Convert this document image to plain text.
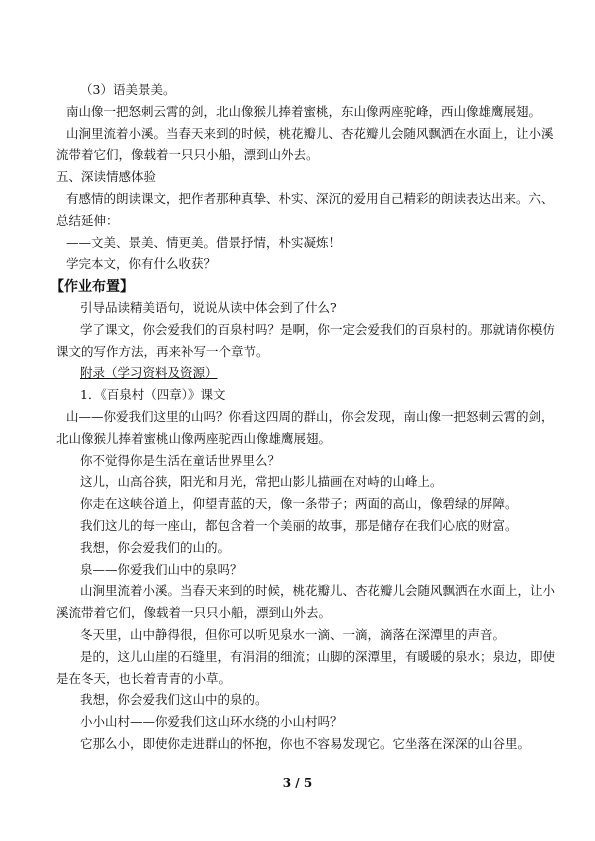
（3）语美景美。
南山像一把怒刺云霄的剑，北山像猴儿捧着蜜桃，东山像两座驼峰，西山像雄鹰展翅。
山涧里流着小溪。当春天来到的时候，桃花瓣儿、杏花瓣儿会随风飘洒在水面上，让小溪
流带着它们，像载着一只只小船，漂到山外去。
五、深读情感体验
有感情的朗读课文，把作者那种真挚、朴实、深沉的爱用自己精彩的朗读表达出来。六、
总结延伸：
——文美、景美、情更美。借景抒情，朴实凝炼！
学完本文，你有什么收获？
【作业布置】
引导品读精美语句，说说从读中体会到了什么?
学了课文，你会爱我们的百泉村吗？是啊，你一定会爱我们的百泉村的。那就请你模仿
课文的写作方法，再来补写一个章节。
附录（学习资料及资源）
1．《百泉村（四章）》课文
山——你爱我们这里的山吗？你看这四周的群山，你会发现，南山像一把怒刺云霄的剑，
北山像猴儿捧着蜜桃山像两座驼西山像雄鹰展翅。
你不觉得你是生活在童话世界里么？
这儿，山高谷狭，阳光和月光，常把山影儿描画在对峙的山峰上。
你走在这峡谷道上，仰望青蓝的天，像一条带子；两面的高山，像碧绿的屏障。
我们这儿的每一座山，都包含着一个美丽的故事，那是储存在我们心底的财富。
我想，你会爱我们的山的。
泉——你爱我们山中的泉吗？
山涧里流着小溪。当春天来到的时候，桃花瓣儿、杏花瓣儿会随风飘洒在水面上，让小
溪流带着它们，像载着一只只小船，漂到山外去。
冬天里，山中静得很，但你可以听见泉水一滴、一滴，滴落在深潭里的声音。
是的，这儿山崖的石缝里，有涓涓的细流；山脚的深潭里，有暖暖的泉水；泉边，即使
是在冬天，也长着青青的小草。
我想，你会爱我们这山中的泉的。
小小山村——你爱我们这山环水绕的小山村吗？
它那么小，即使你走进群山的怀抱，你也不容易发现它。它坐落在深深的山谷里。
3 / 5
